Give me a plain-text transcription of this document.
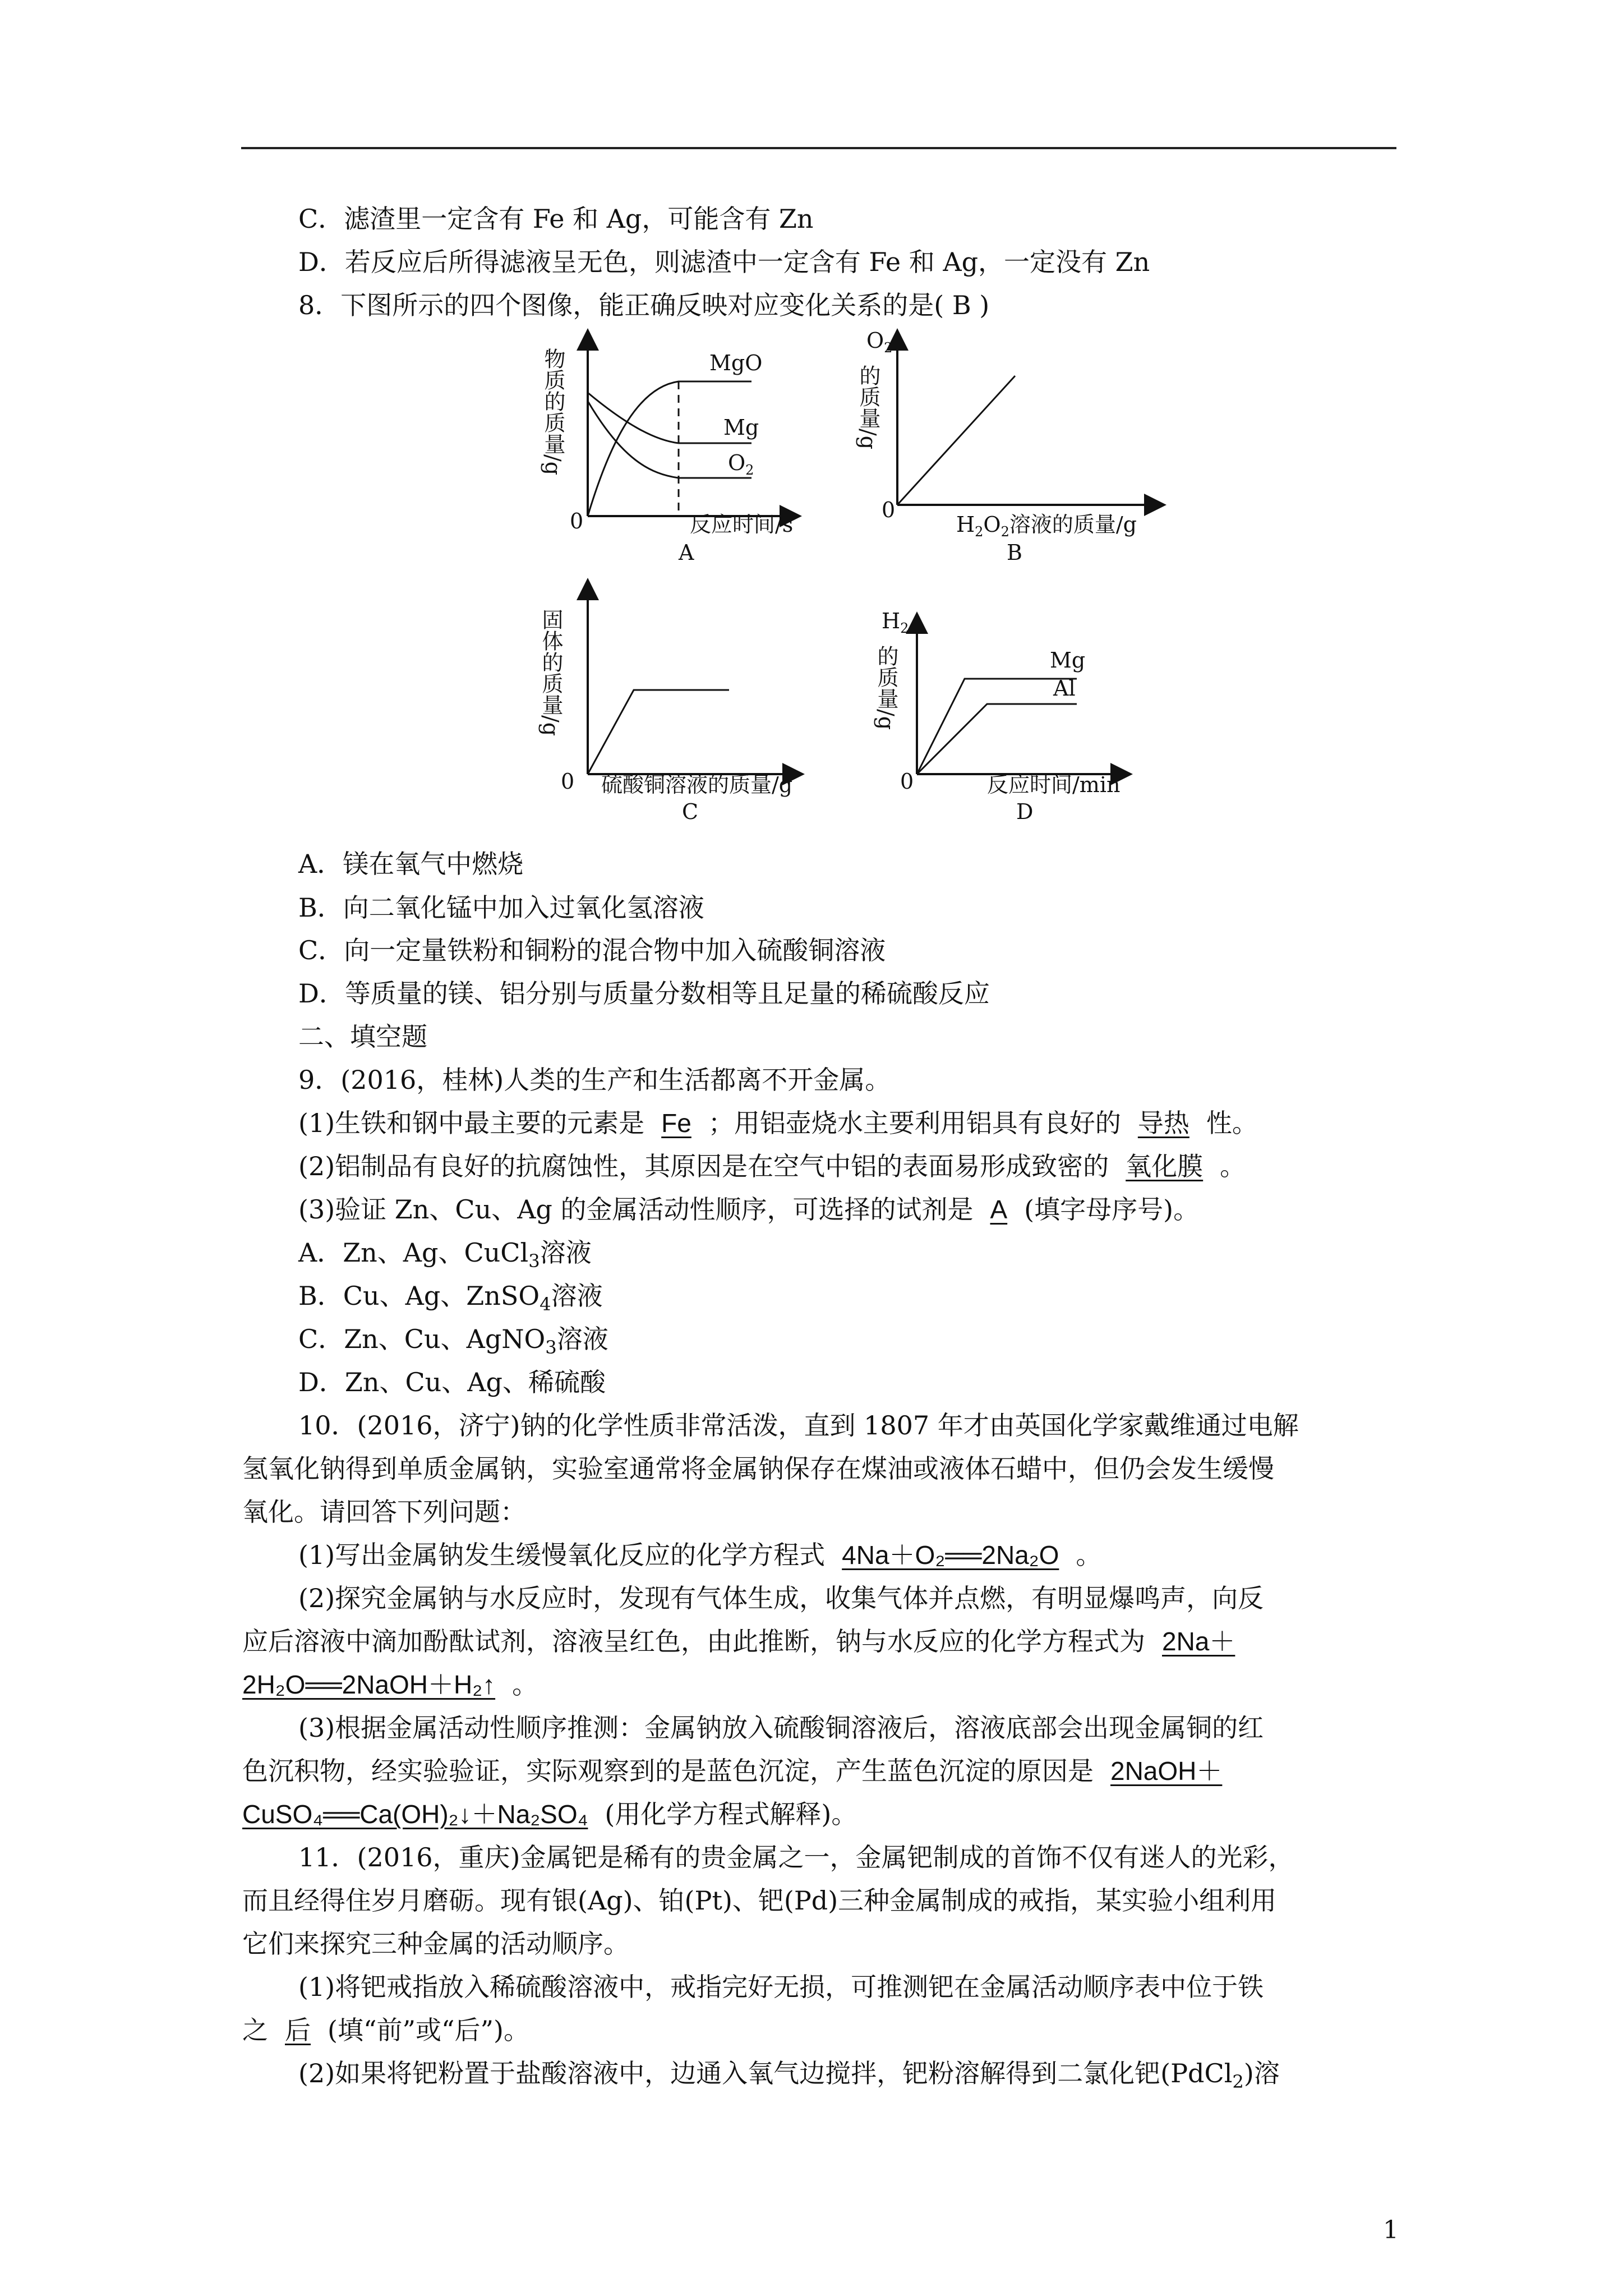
C．滤渣里一定含有 Fe 和 Ag，可能含有 Zn
D．若反应后所得滤液呈无色，则滤渣中一定含有 Fe 和 Ag，一定没有 Zn
8．下图所示的四个图像，能正确反映对应变化关系的是( B )
物质的质量/g
0	反应时间/s
A
MgO
Mg
$O_2$
$O_2$
的质量/g
0
$H_2O_2$溶液的质量/g
B
固体的质量/g
0 硫酸铜溶液的质量/g
C
$H_2$
的质量/g
0	反应时间/min
D
Mg
Al
A．镁在氧气中燃烧
B．向二氧化锰中加入过氧化氢溶液
C．向一定量铁粉和铜粉的混合物中加入硫酸铜溶液
D．等质量的镁、铝分别与质量分数相等且足量的稀硫酸反应
二、填空题
9．(2016，桂林)人类的生产和生活都离不开金属。
(1)生铁和钢中最主要的元素是 Fe ；用铝壶烧水主要利用铝具有良好的 导热 性。
(2)铝制品有良好的抗腐蚀性，其原因是在空气中铝的表面易形成致密的 氧化膜 。
(3)验证 Zn、Cu、Ag 的金属活动性顺序，可选择的试剂是 A (填字母序号)。
A．Zn、Ag、CuCl$_3$溶液
B．Cu、Ag、ZnSO$_4$溶液
C．Zn、Cu、AgNO$_3$溶液
D．Zn、Cu、Ag、稀硫酸
10．(2016，济宁)钠的化学性质非常活泼，直到 1807 年才由英国化学家戴维通过电解
氢氧化钠得到单质金属钠，实验室通常将金属钠保存在煤油或液体石蜡中，但仍会发生缓慢
氧化。请回答下列问题：
(1)写出金属钠发生缓慢氧化反应的化学方程式 4Na＋O₂══2Na₂O 。
(2)探究金属钠与水反应时，发现有气体生成，收集气体并点燃，有明显爆鸣声，向反
应后溶液中滴加酚酞试剂，溶液呈红色，由此推断，钠与水反应的化学方程式为 2Na＋
2H₂O══2NaOH＋H₂↑ 。
(3)根据金属活动性顺序推测：金属钠放入硫酸铜溶液后，溶液底部会出现金属铜的红
色沉积物，经实验验证，实际观察到的是蓝色沉淀，产生蓝色沉淀的原因是 2NaOH＋
CuSO₄══Ca(OH)₂↓＋Na₂SO₄ (用化学方程式解释)。
11．(2016，重庆)金属钯是稀有的贵金属之一，金属钯制成的首饰不仅有迷人的光彩，
而且经得住岁月磨砺。现有银(Ag)、铂(Pt)、钯(Pd)三种金属制成的戒指，某实验小组利用
它们来探究三种金属的活动顺序。
(1)将钯戒指放入稀硫酸溶液中，戒指完好无损，可推测钯在金属活动顺序表中位于铁
之 后 (填“前”或“后”)。
(2)如果将钯粉置于盐酸溶液中，边通入氧气边搅拌，钯粉溶解得到二氯化钯(PdCl$_2$)溶
1
